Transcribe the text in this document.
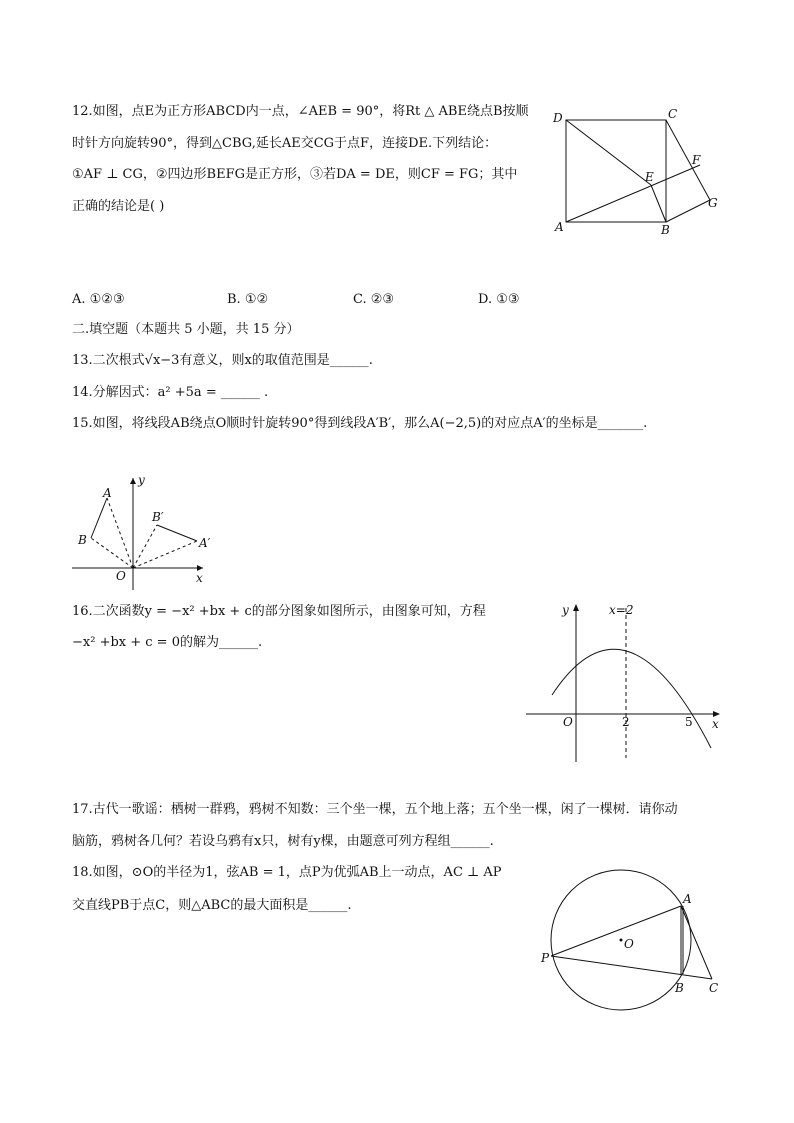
12.如图，点E为正方形ABCD内一点，∠AEB = 90°，将Rt △ ABE绕点B按顺
时针方向旋转90°，得到△CBG,延长AE交CG于点F，连接DE.下列结论：
①AF ⊥ CG，②四边形BEFG是正方形，③若DA = DE，则CF = FG；其中
正确的结论是( )
D	C
E
F
G
A	B
A. ①②③	B. ①②	C. ②③	D. ①③
二.填空题（本题共 5 小题，共 15 分）
13.二次根式√x−3有意义，则x的取值范围是______.
14.分解因式：a² +5a = ______ .
15.如图，将线段AB绕点O顺时针旋转90°得到线段A′B′，那么A(−2,5)的对应点A′的坐标是_______.
y
x
O
A
B
B′
A′
16.二次函数y = −x² +bx + c的部分图象如图所示，由图象可知，方程
−x² +bx + c = 0的解为______.
y
x
O
x=2
2	5
17.古代一歌谣：栖树一群鸦，鸦树不知数：三个坐一棵，五个地上落；五个坐一棵，闲了一棵树．请你动
脑筋，鸦树各几何？若设乌鸦有x只，树有y棵，由题意可列方程组______.
18.如图，⊙O的半径为1，弦AB = 1，点P为优弧AB上一动点，AC ⊥ AP
交直线PB于点C，则△ABC的最大面积是______.	A
B C
P
O
